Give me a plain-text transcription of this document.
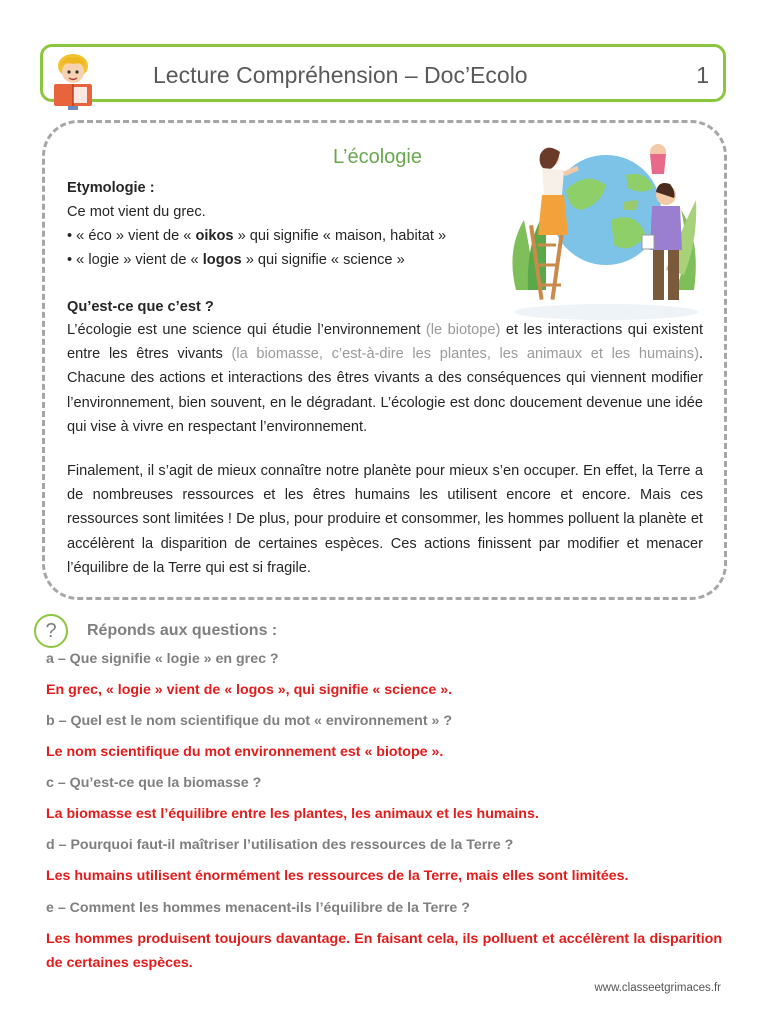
Lecture Compréhension – Doc’Ecolo	1
L’écologie
Etymologie :
Ce mot vient du grec.
• « éco » vient de « oikos » qui signifie « maison, habitat »
• « logie » vient de « logos » qui signifie « science »
Qu’est-ce que c’est ?
L’écologie est une science qui étudie l’environnement (le biotope) et les interactions qui existent entre les êtres vivants (la biomasse, c’est-à-dire les plantes, les animaux et les humains). Chacune des actions et interactions des êtres vivants a des conséquences qui viennent modifier l’environnement, bien souvent, en le dégradant. L’écologie est donc doucement devenue une idée qui vise à vivre en respectant l’environnement.
Finalement, il s’agit de mieux connaître notre planète pour mieux s’en occuper. En effet, la Terre a de nombreuses ressources et les êtres humains les utilisent encore et encore. Mais ces ressources sont limitées ! De plus, pour produire et consommer, les hommes polluent la planète et accélèrent la disparition de certaines espèces. Ces actions finissent par modifier et menacer l’équilibre de la Terre qui est si fragile.
?	Réponds aux questions :
a – Que signifie « logie » en grec ?
En grec, « logie » vient de « logos », qui signifie « science ».
b – Quel est le nom scientifique du mot « environnement » ?
Le nom scientifique du mot environnement est « biotope ».
c – Qu’est-ce que la biomasse ?
La biomasse est l’équilibre entre les plantes, les animaux et les humains.
d – Pourquoi faut-il maîtriser l’utilisation des ressources de la Terre ?
Les humains utilisent énormément les ressources de la Terre, mais elles sont limitées.
e – Comment les hommes menacent-ils l’équilibre de la Terre ?
Les hommes produisent toujours davantage. En faisant cela, ils polluent et accélèrent la disparition de certaines espèces.
www.classeetgrimaces.fr
